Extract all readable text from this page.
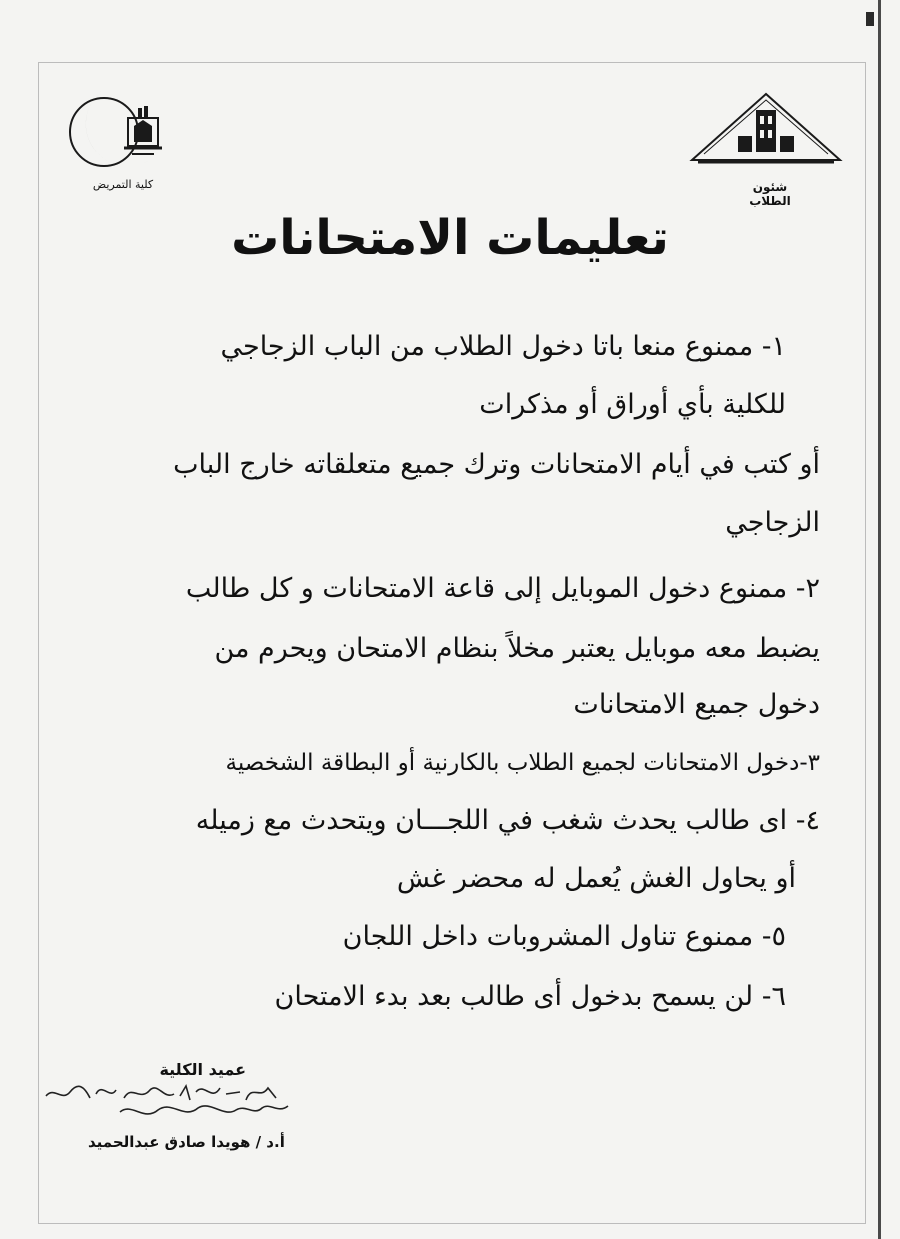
كلية التمريض	شئون الطلاب
تعليمات الامتحانات
١- ممنوع منعا باتا دخول الطلاب من الباب الزجاجي
للكلية بأي أوراق أو مذكرات
أو كتب في أيام الامتحانات وترك جميع متعلقاته خارج الباب
الزجاجي
٢- ممنوع دخول الموبايل إلى قاعة الامتحانات و كل طالب
يضبط معه موبايل يعتبر مخلاً بنظام الامتحان ويحرم من
دخول جميع الامتحانات
٣-دخول الامتحانات لجميع الطلاب بالكارنية أو البطاقة الشخصية
٤- اى طالب يحدث شغب في اللجـــان ويتحدث مع زميله
أو يحاول الغش يُعمل له محضر غش
٥- ممنوع تناول المشروبات داخل اللجان
٦- لن يسمح بدخول أى طالب بعد بدء الامتحان
عميد الكلية
أ.د / هويدا صادق عبدالحميد
